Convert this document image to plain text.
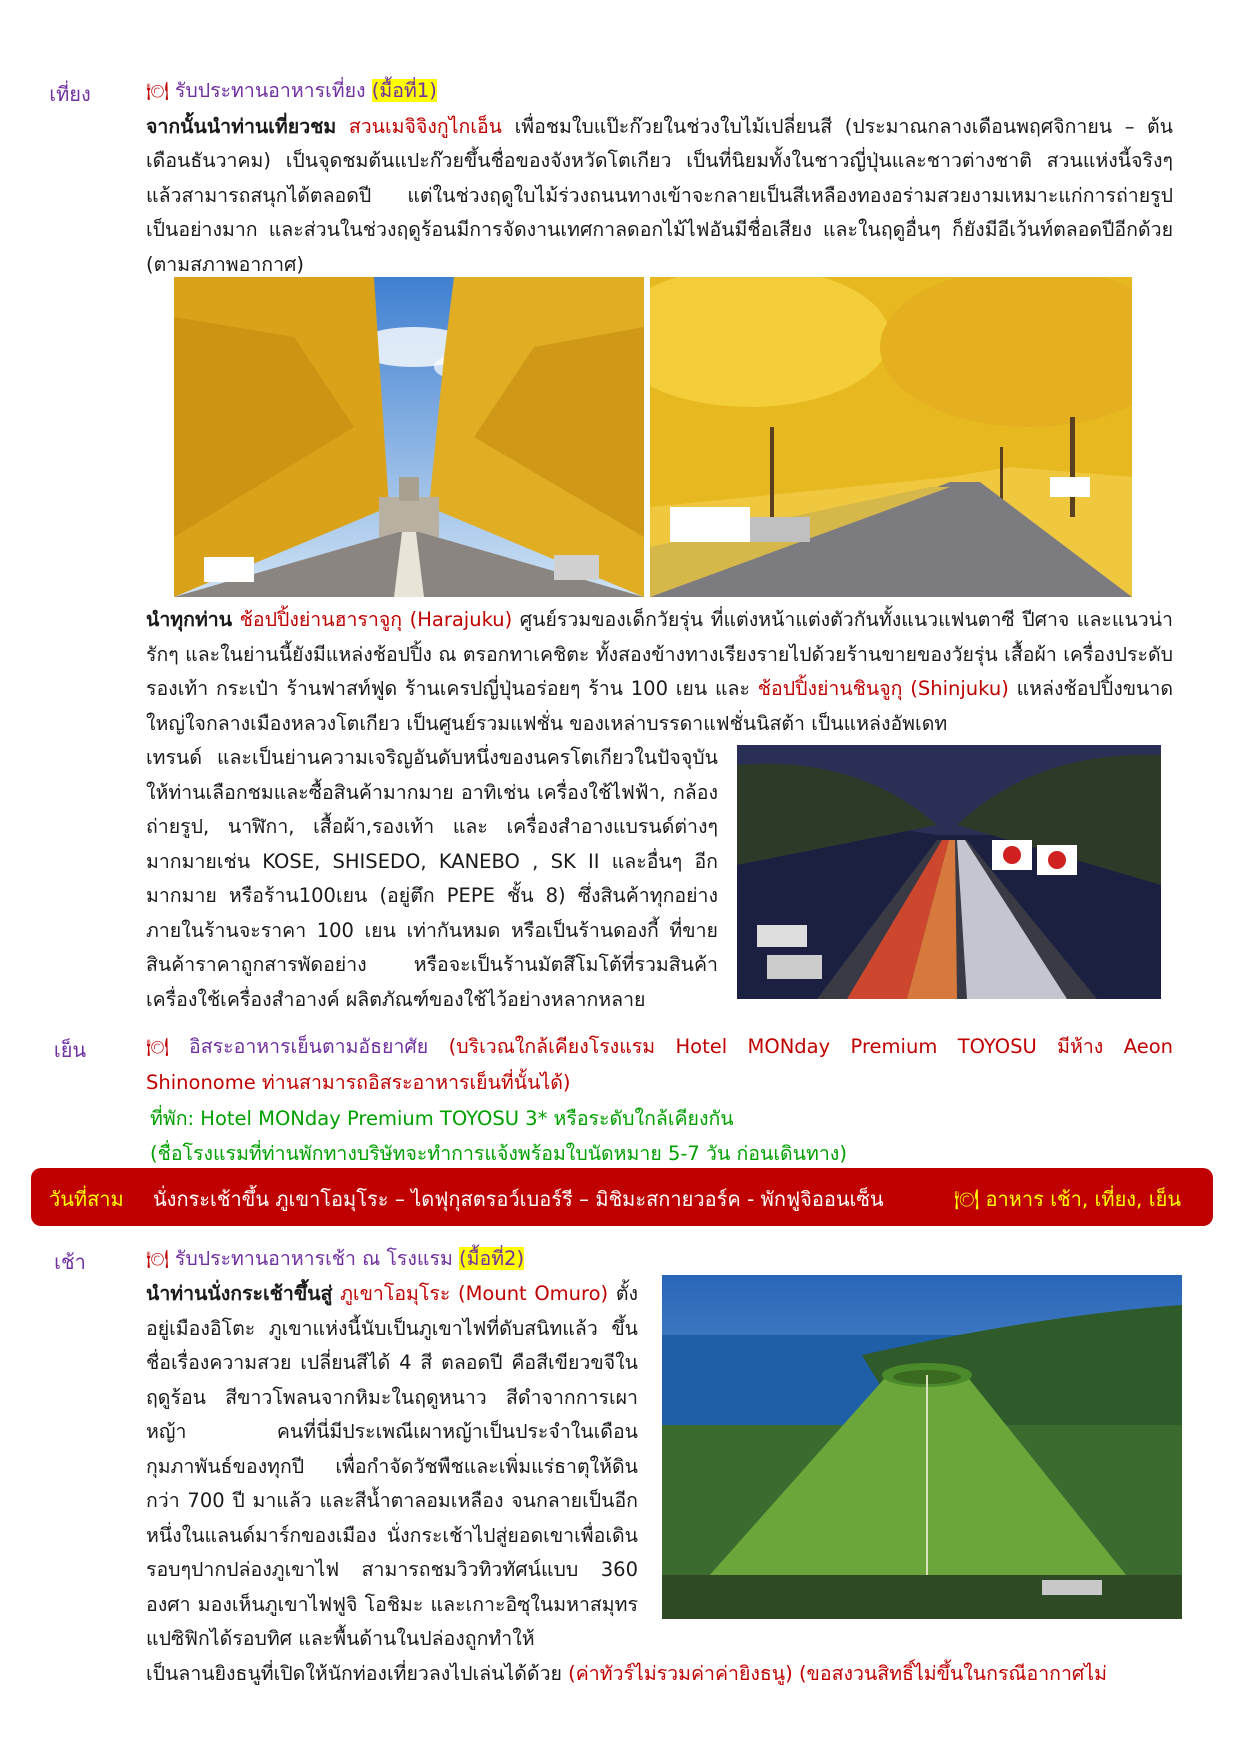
เที่ยง	🍽 รับประทานอาหารเที่ยง (มื้อที่1)
จากนั้นนำท่านเที่ยวชม สวนเมจิจิงกูไกเอ็น เพื่อชมใบแป๊ะก๊วยในช่วงใบไม้เปลี่ยนสี (ประมาณกลางเดือนพฤศจิกายน – ต้นเดือนธันวาคม) เป็นจุดชมต้นแปะก๊วยขึ้นชื่อของจังหวัดโตเกียว เป็นที่นิยมทั้งในชาวญี่ปุ่นและชาวต่างชาติ สวนแห่งนี้จริงๆ แล้วสามารถสนุกได้ตลอดปี แต่ในช่วงฤดูใบไม้ร่วงถนนทางเข้าจะกลายเป็นสีเหลืองทองอร่ามสวยงามเหมาะแก่การถ่ายรูปเป็นอย่างมาก และส่วนในช่วงฤดูร้อนมีการจัดงานเทศกาลดอกไม้ไฟอันมีชื่อเสียง และในฤดูอื่นๆ ก็ยังมีอีเว้นท์ตลอดปีอีกด้วย (ตามสภาพอากาศ)
นำทุกท่าน ช้อปปิ้งย่านฮาราจูกุ (Harajuku) ศูนย์รวมของเด็กวัยรุ่น ที่แต่งหน้าแต่งตัวกันทั้งแนวแฟนตาซี ปีศาจ และแนวน่ารักๆ และในย่านนี้ยังมีแหล่งช้อปปิ้ง ณ ตรอกทาเคชิตะ ทั้งสองข้างทางเรียงรายไปด้วยร้านขายของวัยรุ่น เสื้อผ้า เครื่องประดับ รองเท้า กระเป๋า ร้านฟาสท์ฟูด ร้านเครปญี่ปุ่นอร่อยๆ ร้าน 100 เยน และ ช้อปปิ้งย่านชินจูกุ (Shinjuku) แหล่งช้อปปิ้งขนาดใหญ่ใจกลางเมืองหลวงโตเกียว เป็นศูนย์รวมแฟชั่น ของเหล่าบรรดาแฟชั่นนิสต้า เป็นแหล่งอัพเดท
เทรนด์ และเป็นย่านความเจริญอันดับหนึ่งของนครโตเกียวในปัจจุบัน ให้ท่านเลือกชมและซื้อสินค้ามากมาย อาทิเช่น เครื่องใช้ไฟฟ้า, กล้องถ่ายรูป, นาฬิกา, เสื้อผ้า,รองเท้า และ เครื่องสำอางแบรนด์ต่างๆ มากมายเช่น KOSE, SHISEDO, KANEBO , SK II และอื่นๆ อีกมากมาย หรือร้าน100เยน (อยู่ตึก PEPE ชั้น 8) ซึ่งสินค้าทุกอย่างภายในร้านจะราคา 100 เยน เท่ากันหมด หรือเป็นร้านดองกี้ ที่ขายสินค้าราคาถูกสารพัดอย่าง หรือจะเป็นร้านมัตสึโมโต้ที่รวมสินค้า เครื่องใช้เครื่องสำอางค์ ผลิตภัณฑ์ของใช้ไว้อย่างหลากหลาย
เย็น	🍽 อิสระอาหารเย็นตามอัธยาศัย (บริเวณใกล้เคียงโรงแรม Hotel MONday Premium TOYOSU มีห้าง Aeon Shinonome ท่านสามารถอิสระอาหารเย็นที่นั้นได้)
ที่พัก: Hotel MONday Premium TOYOSU 3* หรือระดับใกล้เคียงกัน
(ชื่อโรงแรมที่ท่านพักทางบริษัทจะทำการแจ้งพร้อมใบนัดหมาย 5-7 วัน ก่อนเดินทาง)
วันที่สาม นั่งกระเช้าขึ้น ภูเขาโอมุโระ – ไดฟุกุสตรอว์เบอร์รี – มิชิมะสกายวอร์ค - พักฟูจิออนเซ็น	🍽 อาหาร เช้า, เที่ยง, เย็น
เช้า	🍽 รับประทานอาหารเช้า ณ โรงแรม (มื้อที่2)
นำท่านนั่งกระเช้าขึ้นสู่ ภูเขาโอมุโระ (Mount Omuro) ตั้งอยู่เมืองอิโตะ ภูเขาแห่งนี้นับเป็นภูเขาไฟที่ดับสนิทแล้ว ขึ้นชื่อเรื่องความสวย เปลี่ยนสีได้ 4 สี ตลอดปี คือสีเขียวขจีในฤดูร้อน สีขาวโพลนจากหิมะในฤดูหนาว สีดำจากการเผาหญ้า คนที่นี่มีประเพณีเผาหญ้าเป็นประจำในเดือนกุมภาพันธ์ของทุกปี เพื่อกำจัดวัชพืชและเพิ่มแร่ธาตุให้ดินกว่า 700 ปี มาแล้ว และสีน้ำตาลอมเหลือง จนกลายเป็นอีกหนึ่งในแลนด์มาร์กของเมือง นั่งกระเช้าไปสู่ยอดเขาเพื่อเดินรอบๆปากปล่องภูเขาไฟ สามารถชมวิวทิวทัศน์แบบ 360 องศา มองเห็นภูเขาไฟฟูจิ โอชิมะ และเกาะอิซุในมหาสมุทรแปซิฟิกได้รอบทิศ และพื้นด้านในปล่องถูกทำให้
เป็นลานยิงธนูที่เปิดให้นักท่องเที่ยวลงไปเล่นได้ด้วย (ค่าทัวร์ไม่รวมค่าค่ายิงธนู) (ขอสงวนสิทธิ์ไม่ขึ้นในกรณีอากาศไม่
